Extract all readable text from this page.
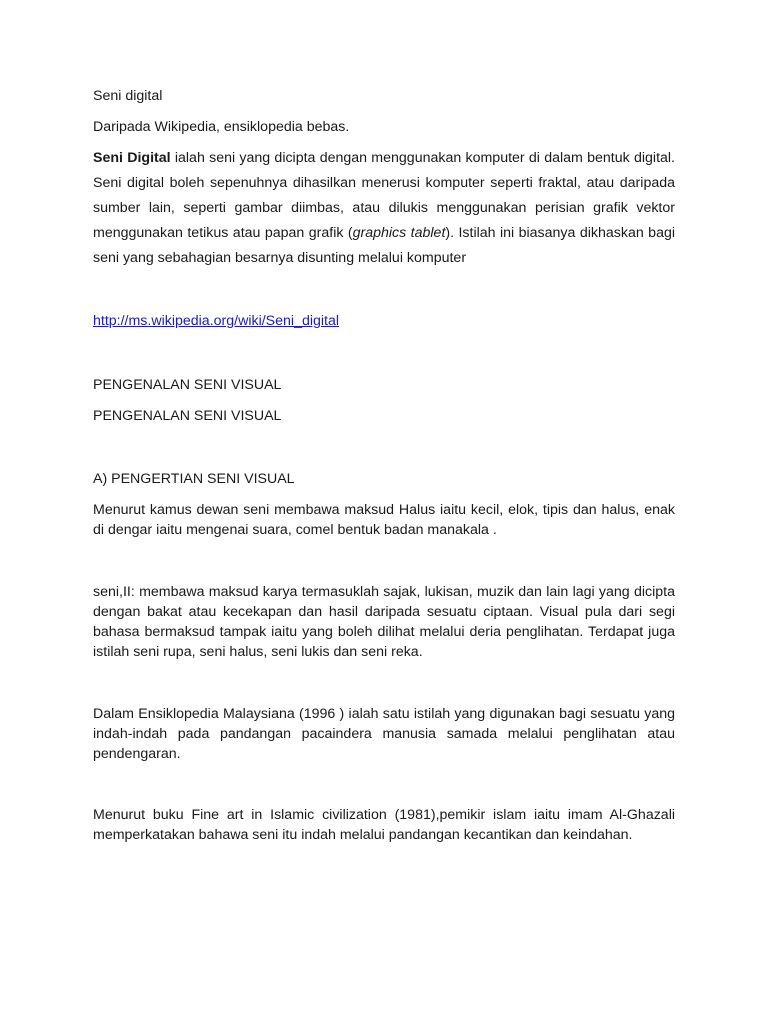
Seni digital

Daripada Wikipedia, ensiklopedia bebas.

Seni Digital ialah seni yang dicipta dengan menggunakan komputer di dalam bentuk digital. Seni digital boleh sepenuhnya dihasilkan menerusi komputer seperti fraktal, atau daripada sumber lain, seperti gambar diimbas, atau dilukis menggunakan perisian grafik vektor menggunakan tetikus atau papan grafik (graphics tablet). Istilah ini biasanya dikhaskan bagi seni yang sebahagian besarnya disunting melalui komputer

http://ms.wikipedia.org/wiki/Seni_digital

PENGENALAN SENI VISUAL

PENGENALAN SENI VISUAL

A) PENGERTIAN SENI VISUAL

Menurut kamus dewan seni membawa maksud Halus iaitu kecil, elok, tipis dan halus, enak di dengar iaitu mengenai suara, comel bentuk badan manakala .

seni,II: membawa maksud karya termasuklah sajak, lukisan, muzik dan lain lagi yang dicipta dengan bakat atau kecekapan dan hasil daripada sesuatu ciptaan. Visual pula dari segi bahasa bermaksud tampak iaitu yang boleh dilihat melalui deria penglihatan. Terdapat juga istilah seni rupa, seni halus, seni lukis dan seni reka.

Dalam Ensiklopedia Malaysiana (1996 ) ialah satu istilah yang digunakan bagi sesuatu yang indah-indah pada pandangan pacaindera manusia samada melalui penglihatan atau pendengaran.

Menurut buku Fine art in Islamic civilization (1981),pemikir islam iaitu imam Al-Ghazali memperkatakan bahawa seni itu indah melalui pandangan kecantikan dan keindahan.
